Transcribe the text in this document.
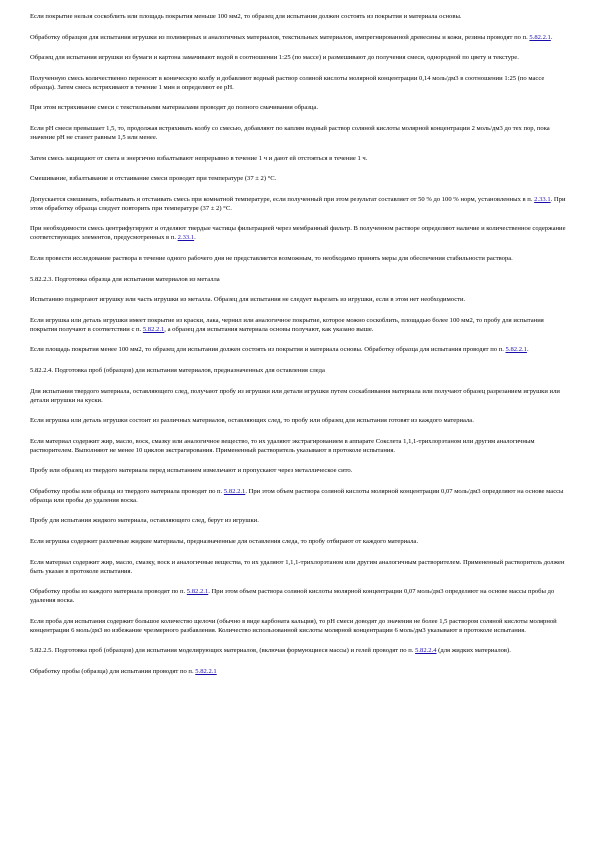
Если покрытие нельзя соскоблить или площадь покрытия меньше 100 мм2, то образец для испытания должен состоять из покрытия и материала основы.

Обработку образцов для испытания игрушки из полимерных и аналогичных материалов, текстильных материалов, импрегнированной древесины и кожи, резины проводят по п. 5.82.2.1.

Образец для испытания игрушки из бумаги и картона замачивают водой в соотношении 1:25 (по массе) и размешивают до получения смеси, однородной по цвету и текстуре.

Полученную смесь количественно переносят в коническую колбу и добавляют водный раствор соляной кислоты молярной концентрации 0,14 моль/дм3 в соотношении 1:25 (по массе образца). Затем смесь встряхивают в течение 1 мин и определяют ее pH.

При этом встряхивание смеси с текстильными материалами проводят до полного смачивания образца.

Если pH смеси превышает 1,5, то, продолжая встряхивать колбу со смесью, добавляют по каплям водный раствор соляной кислоты молярной концентрации 2 моль/дм3 до тех пор, пока значение pH не станет равным 1,5 или менее.

Затем смесь защищают от света и энергично взбалтывают непрерывно в течение 1 ч и дают ей отстояться в течение 1 ч.

Смешивание, взбалтывание и отстаивание смеси проводят при температуре (37 ± 2) °С.

Допускается смешивать, взбалтывать и отстаивать смесь при комнатной температуре, если полученный при этом результат составляет от 50 % до 100 % норм, установленных в п. 2.33.1. При этом обработку образца следует повторить при температуре (37 ± 2) °С.

При необходимости смесь центрифугируют и отделяют твердые частицы фильтрацией через мембранный фильтр. В полученном растворе определяют наличие и количественное содержание соответствующих элементов, предусмотренных в п. 2.33.1.

Если провести исследование раствора в течение одного рабочего дня не представляется возможным, то необходимо принять меры для обеспечения стабильности раствора.

5.82.2.3. Подготовка образца для испытания материалов из металла

Испытанию подвергают игрушку или часть игрушки из металла. Образец для испытания не следует вырезать из игрушки, если в этом нет необходимости.

Если игрушка или деталь игрушки имеет покрытие из краски, лака, чернил или аналогичное покрытие, которое можно соскоблить, площадью более 100 мм2, то пробу для испытания покрытия получают в соответствии с п. 5.82.2.1, а образец для испытания материала основы получают, как указано выше.

Если площадь покрытия менее 100 мм2, то образец для испытания должен состоять из покрытия и материала основы. Обработку образца для испытания проводят по п. 5.82.2.1.

5.82.2.4. Подготовка проб (образцов) для испытания материалов, предназначенных для оставления следа

Для испытания твердого материала, оставляющего след, получают пробу из игрушки или детали игрушки путем соскабливания материала или получают образец разрезанием игрушки или детали игрушки на куски.

Если игрушка или деталь игрушки состоит из различных материалов, оставляющих след, то пробу или образец для испытания готовят из каждого материала.

Если материал содержит жир, масло, воск, смазку или аналогичное вещество, то их удаляют экстрагированием в аппарате Сокслета 1,1,1-трихлорэтаном или другим аналогичным растворителем. Выполняют не менее 10 циклов экстрагирования. Примененный растворитель указывают в протоколе испытания.

Пробу или образец из твердого материала перед испытанием измельчают и пропускают через металлическое сито.

Обработку пробы или образца из твердого материала проводят по п. 5.82.2.1. При этом объем раствора соляной кислоты молярной концентрации 0,07 моль/дм3 определяют на основе массы образца или пробы до удаления воска.

Пробу для испытания жидкого материала, оставляющего след, берут из игрушки.

Если игрушка содержит различные жидкие материалы, предназначенные для оставления следа, то пробу отбирают от каждого материала.

Если материал содержит жир, масло, смазку, воск и аналогичные вещества, то их удаляют 1,1,1-трихлорэтаном или другим аналогичным растворителем. Примененный растворитель должен быть указан в протоколе испытания.

Обработку пробы из каждого материала проводят по п. 5.82.2.1. При этом объем раствора соляной кислоты молярной концентрации 0,07 моль/дм3 определяют на основе массы пробы до удаления воска.

Если проба для испытания содержит большое количество щелочи (обычно в виде карбоната кальция), то pH смеси доводят до значения не более 1,5 раствором соляной кислоты молярной концентрации 6 моль/дм3 во избежание чрезмерного разбавления. Количество использованной кислоты молярной концентрации 6 моль/дм3 указывают в протоколе испытания.

5.82.2.5. Подготовка проб (образцов) для испытания моделирующих материалов, (включая формующиеся массы) и гелей проводят по п. 5.82.2.4 (для жидких материалов).

Обработку пробы (образца) для испытания проводят по п. 5.82.2.1
